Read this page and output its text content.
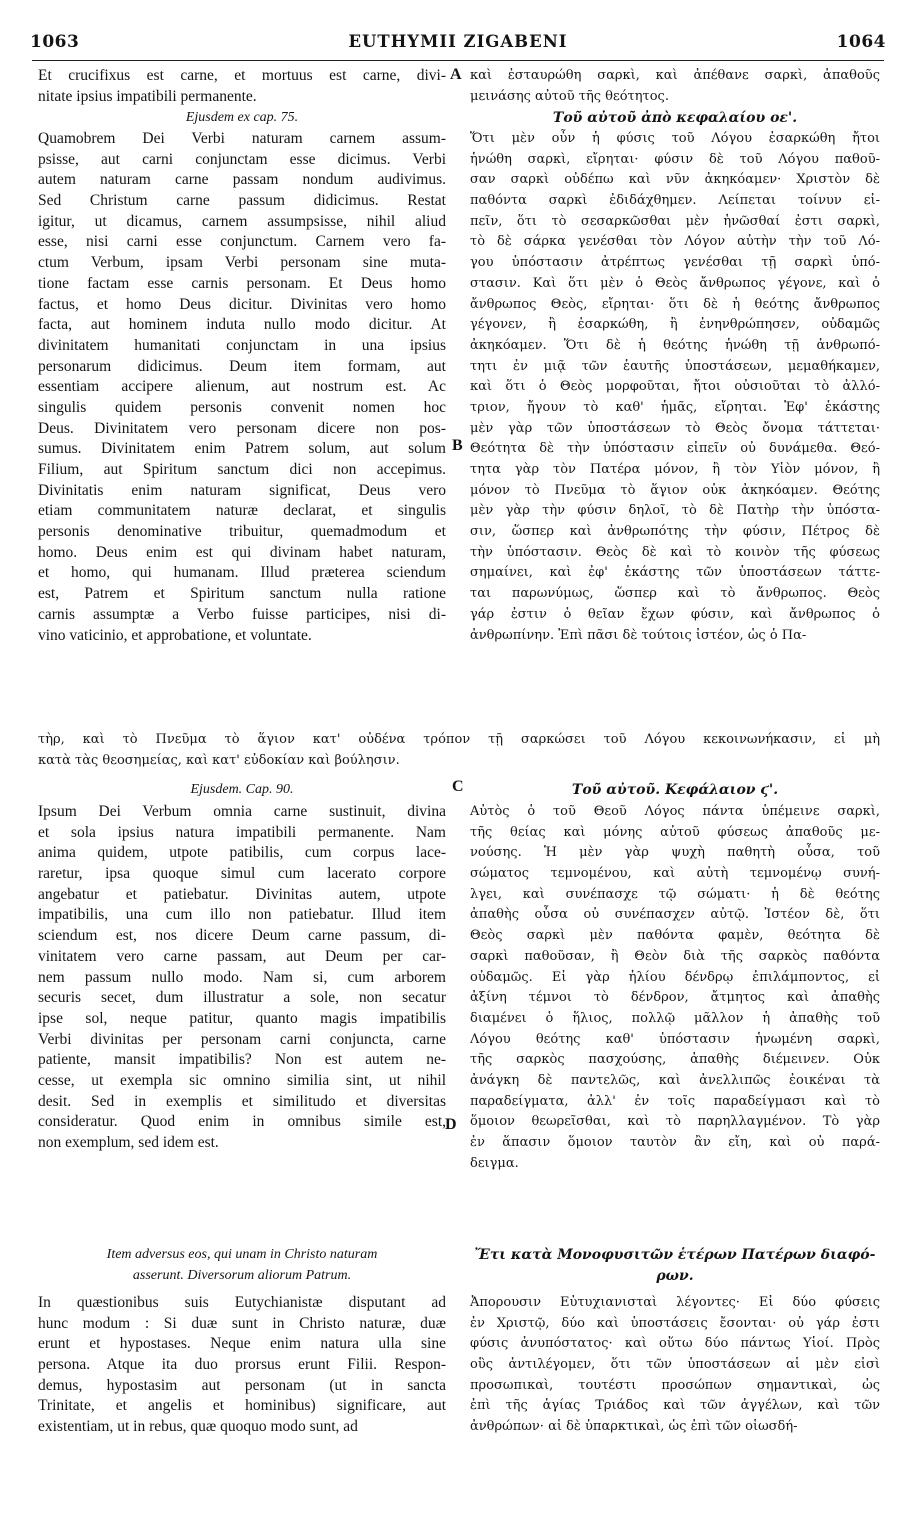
1063	EUTHYMII ZIGABENI	1064
A
B
C
D
Et crucifixus est carne, et mortuus est carne, divi-
nitate ipsius impatibili permanente.
Ejusdem ex cap. 75.
Quamobrem Dei Verbi naturam carnem assum-
psisse, aut carni conjunctam esse dicimus. Verbi
autem naturam carne passam nondum audivimus.
Sed Christum carne passum didicimus. Restat
igitur, ut dicamus, carnem assumpsisse, nihil aliud
esse, nisi carni esse conjunctum. Carnem vero fa-
ctum Verbum, ipsam Verbi personam sine muta-
tione factam esse carnis personam. Et Deus homo
factus, et homo Deus dicitur. Divinitas vero homo
facta, aut hominem induta nullo modo dicitur. At
divinitatem humanitati conjunctam in una ipsius
personarum didicimus. Deum item formam, aut
essentiam accipere alienum, aut nostrum est. Ac
singulis quidem personis convenit nomen hoc
Deus. Divinitatem vero personam dicere non pos-
sumus. Divinitatem enim Patrem solum, aut solum
Filium, aut Spiritum sanctum dici non accepimus.
Divinitatis enim naturam significat, Deus vero
etiam communitatem naturæ declarat, et singulis
personis denominative tribuitur, quemadmodum et
homo. Deus enim est qui divinam habet naturam,
et homo, qui humanam. Illud præterea sciendum
est, Patrem et Spiritum sanctum nulla ratione
carnis assumptæ a Verbo fuisse participes, nisi di-
vino vaticinio, et approbatione, et voluntate.
Ejusdem. Cap. 90.
Ipsum Dei Verbum omnia carne sustinuit, divina
et sola ipsius natura impatibili permanente. Nam
anima quidem, utpote patibilis, cum corpus lace-
raretur, ipsa quoque simul cum lacerato corpore
angebatur et patiebatur. Divinitas autem, utpote
impatibilis, una cum illo non patiebatur. Illud item
sciendum est, nos dicere Deum carne passum, di-
vinitatem vero carne passam, aut Deum per car-
nem passum nullo modo. Nam si, cum arborem
securis secet, dum illustratur a sole, non secatur
ipse sol, neque patitur, quanto magis impatibilis
Verbi divinitas per personam carni conjuncta, carne
patiente, mansit impatibilis? Non est autem ne-
cesse, ut exempla sic omnino similia sint, ut nihil
desit. Sed in exemplis et similitudo et diversitas
consideratur. Quod enim in omnibus simile est,
non exemplum, sed idem est.
Item adversus eos, qui unam in Christo naturam
asserunt. Diversorum aliorum Patrum.
In quæstionibus suis Eutychianistæ disputant ad
hunc modum : Si duæ sunt in Christo naturæ, duæ
erunt et hypostases. Neque enim natura ulla sine
persona. Atque ita duo prorsus erunt Filii. Respon-
demus, hypostasim aut personam (ut in sancta
Trinitate, et angelis et hominibus) significare, aut
existentiam, ut in rebus, quæ quoquo modo sunt, ad
καὶ ἐσταυρώθη σαρκὶ, καὶ ἀπέθανε σαρκὶ, ἀπαθοῦς
μεινάσης αὐτοῦ τῆς θεότητος.
Τοῦ αὐτοῦ ἀπὸ κεφαλαίου οε'.
Ὅτι μὲν οὖν ἡ φύσις τοῦ Λόγου ἐσαρκώθη ἤτοι
ἡνώθη σαρκὶ, εἴρηται· φύσιν δὲ τοῦ Λόγου παθοῦ-
σαν σαρκὶ οὐδέπω καὶ νῦν ἀκηκόαμεν· Χριστὸν δὲ
παθόντα σαρκὶ ἐδιδάχθημεν. Λείπεται τοίνυν εἰ-
πεῖν, ὅτι τὸ σεσαρκῶσθαι μὲν ἡνῶσθαί ἐστι σαρκὶ,
τὸ δὲ σάρκα γενέσθαι τὸν Λόγον αὐτὴν τὴν τοῦ Λό-
γου ὑπόστασιν ἀτρέπτως γενέσθαι τῇ σαρκὶ ὑπό-
στασιν. Καὶ ὅτι μὲν ὁ Θεὸς ἄνθρωπος γέγονε, καὶ ὁ
ἄνθρωπος Θεὸς, εἴρηται· ὅτι δὲ ἡ θεότης ἄνθρωπος
γέγονεν, ἢ ἐσαρκώθη, ἢ ἐνηνθρώπησεν, οὐδαμῶς
ἀκηκόαμεν. Ὅτι δὲ ἡ θεότης ἡνώθη τῇ ἀνθρωπό-
τητι ἐν μιᾷ τῶν ἑαυτῆς ὑποστάσεων, μεμαθήκαμεν,
καὶ ὅτι ὁ Θεὸς μορφοῦται, ἤτοι οὐσιοῦται τὸ ἀλλό-
τριον, ἤγουν τὸ καθ' ἡμᾶς, εἴρηται. Ἐφ' ἑκάστης
μὲν γὰρ τῶν ὑποστάσεων τὸ Θεὸς ὄνομα τάττεται·
Θεότητα δὲ τὴν ὑπόστασιν εἰπεῖν οὐ δυνάμεθα. Θεό-
τητα γὰρ τὸν Πατέρα μόνον, ἢ τὸν Υἱὸν μόνον, ἢ
μόνον τὸ Πνεῦμα τὸ ἅγιον οὐκ ἀκηκόαμεν. Θεότης
μὲν γὰρ τὴν φύσιν δηλοῖ, τὸ δὲ Πατὴρ τὴν ὑπόστα-
σιν, ὥσπερ καὶ ἀνθρωπότης τὴν φύσιν, Πέτρος δὲ
τὴν ὑπόστασιν. Θεὸς δὲ καὶ τὸ κοινὸν τῆς φύσεως
σημαίνει, καὶ ἐφ' ἑκάστης τῶν ὑποστάσεων τάττε-
ται παρωνύμως, ὥσπερ καὶ τὸ ἄνθρωπος. Θεὸς
γάρ ἐστιν ὁ θεῖαν ἔχων φύσιν, καὶ ἄνθρωπος ὁ
ἀνθρωπίνην. Ἐπὶ πᾶσι δὲ τούτοις ἰστέον, ὡς ὁ Πα-
τὴρ, καὶ τὸ Πνεῦμα τὸ ἅγιον κατ' οὐδένα τρόπον τῇ σαρκώσει τοῦ Λόγου κεκοινωνήκασιν, εἰ μὴ
κατὰ τὰς θεοσημείας, καὶ κατ' εὐδοκίαν καὶ βούλησιν.
Τοῦ αὐτοῦ. Κεφάλαιον ϛ'.
Αὐτὸς ὁ τοῦ Θεοῦ Λόγος πάντα ὑπέμεινε σαρκὶ,
τῆς θείας καὶ μόνης αὐτοῦ φύσεως ἀπαθοῦς με-
νούσης. Ἡ μὲν γὰρ ψυχὴ παθητὴ οὖσα, τοῦ
σώματος τεμνομένου, καὶ αὐτὴ τεμνομένῳ συνή-
λγει, καὶ συνέπασχε τῷ σώματι· ἡ δὲ θεότης
ἀπαθὴς οὖσα οὐ συνέπασχεν αὐτῷ. Ἰστέον δὲ, ὅτι
Θεὸς σαρκὶ μὲν παθόντα φαμὲν, θεότητα δὲ
σαρκὶ παθοῦσαν, ἢ Θεὸν διὰ τῆς σαρκὸς παθόντα
οὐδαμῶς. Εἰ γὰρ ἡλίου δένδρῳ ἐπιλάμποντος, εἰ
ἀξίνη τέμνοι τὸ δένδρον, ἄτμητος καὶ ἀπαθὴς
διαμένει ὁ ἥλιος, πολλῷ μᾶλλον ἡ ἀπαθὴς τοῦ
Λόγου θεότης καθ' ὑπόστασιν ἡνωμένη σαρκὶ,
τῆς σαρκὸς πασχούσης, ἀπαθὴς διέμεινεν. Οὐκ
ἀνάγκη δὲ παντελῶς, καὶ ἀνελλιπῶς ἐοικέναι τὰ
παραδείγματα, ἀλλ' ἐν τοῖς παραδείγμασι καὶ τὸ
ὅμοιον θεωρεῖσθαι, καὶ τὸ παρηλλαγμένον. Τὸ γὰρ
ἐν ἅπασιν ὅμοιον ταυτὸν ἂν εἴη, καὶ οὐ παρά-
δειγμα.
Ἔτι κατὰ Μονοφυσιτῶν ἑτέρων Πατέρων διαφό-
ρων.
Ἀπορουσιν Εὐτυχιανισταὶ λέγοντες· Εἰ δύο φύσεις
ἐν Χριστῷ, δύο καὶ ὑποστάσεις ἔσονται· οὐ γάρ ἐστι
φύσις ἀνυπόστατος· καὶ οὕτω δύο πάντως Υἱοί. Πρὸς
οὓς ἀντιλέγομεν, ὅτι τῶν ὑποστάσεων αἱ μὲν εἰσὶ
προσωπικαὶ, τουτέστι προσώπων σημαντικαὶ, ὡς
ἐπὶ τῆς ἁγίας Τριάδος καὶ τῶν ἀγγέλων, καὶ τῶν
ἀνθρώπων· αἱ δὲ ὑπαρκτικαὶ, ὡς ἐπὶ τῶν οἱωσδή-
